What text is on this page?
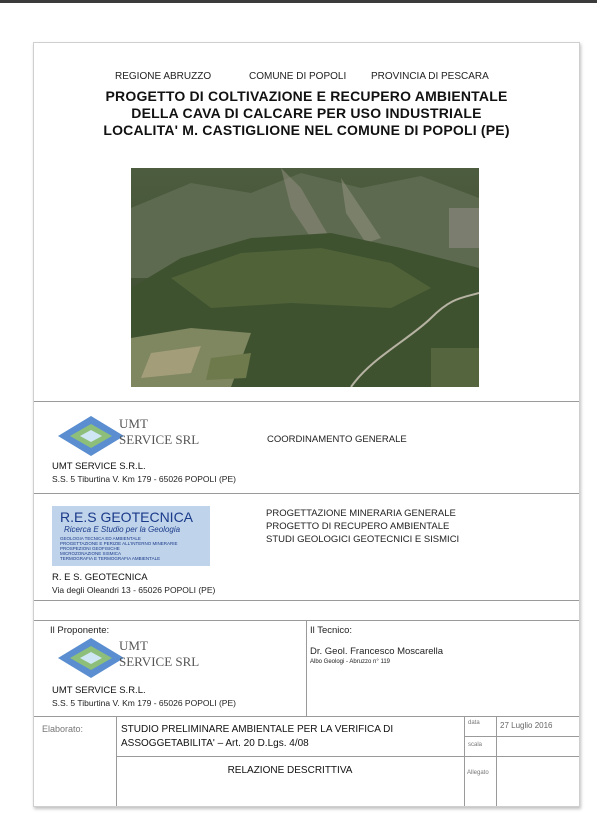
REGIONE ABRUZZO	COMUNE DI POPOLI PROVINCIA DI PESCARA
PROGETTO DI COLTIVAZIONE E RECUPERO AMBIENTALE
DELLA CAVA DI CALCARE PER USO INDUSTRIALE
LOCALITA' M. CASTIGLIONE NEL COMUNE DI POPOLI (PE)
UMT
SERVICE SRL	COORDINAMENTO GENERALE
UMT SERVICE S.R.L.
S.S. 5 Tiburtina V. Km 179 - 65026 POPOLI (PE)
R.E.S GEOTECNICA
Ricerca E Studio per la Geologia
GEOLOGIA TECNICA ED AMBIENTALE
PROGETTAZIONE E PERIZIE ALL'INTERNO MINERARIE
PROSPEZIONI GEOFISICHE
MICROZONAZIONE SISMICA
TERMOGRAFIA E TERMOGRAFIA AMBIENTALE
PROGETTAZIONE MINERARIA GENERALE
PROGETTO DI RECUPERO AMBIENTALE
STUDI GEOLOGICI GEOTECNICI E SISMICI
R. E S. GEOTECNICA
Via degli Oleandri 13 - 65026 POPOLI (PE)
Il Proponente:	Il Tecnico:
UMT
SERVICE SRL
UMT SERVICE S.R.L.
S.S. 5 Tiburtina V. Km 179 - 65026 POPOLI (PE)
Dr. Geol. Francesco Moscarella
Albo Geologi - Abruzzo n° 119
Elaborato:	STUDIO PRELIMINARE AMBIENTALE PER LA VERIFICA DI
ASSOGGETABILITA' – Art. 20 D.Lgs. 4/08
RELAZIONE DESCRITTIVA
data	27 Luglio 2016
scala
Allegato
